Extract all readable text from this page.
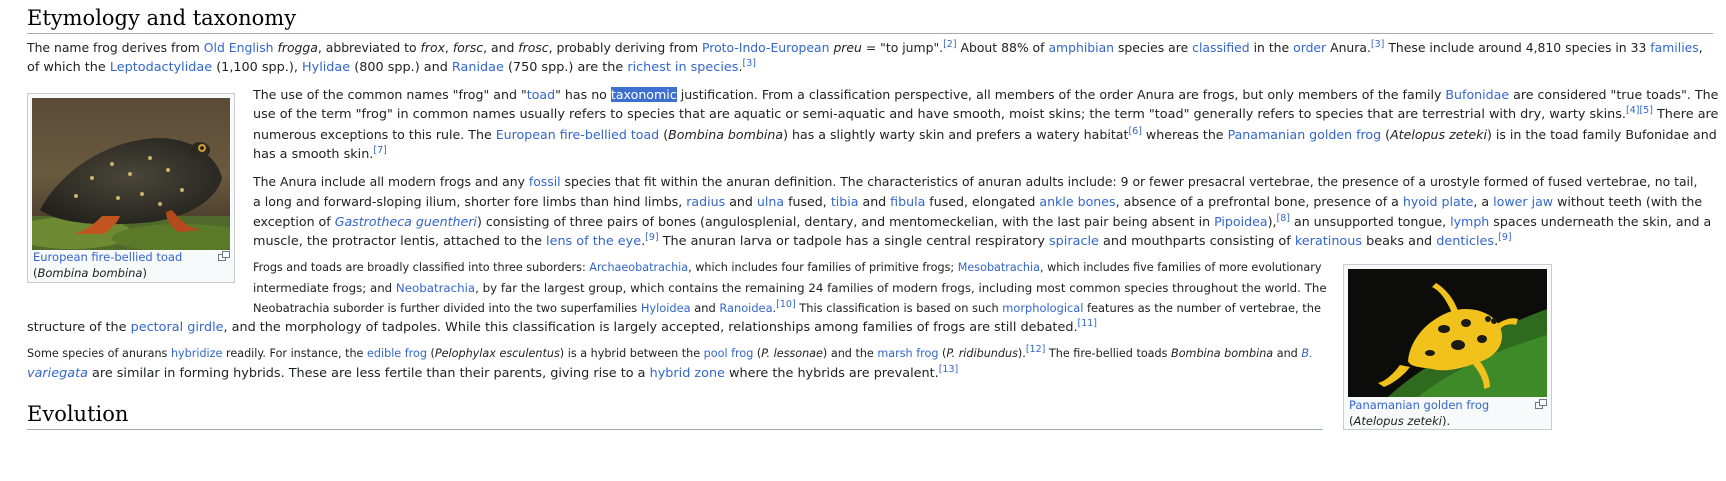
Etymology and taxonomy
The name frog derives from Old English frogga, abbreviated to frox, forsc, and frosc, probably deriving from Proto-Indo-European preu = "to jump".[2] About 88% of amphibian species are classified in the order Anura.[3] These include around 4,810 species in 33 families,
of which the Leptodactylidae (1,100 spp.), Hylidae (800 spp.) and Ranidae (750 spp.) are the richest in species.[3]
European fire-bellied toad
(Bombina bombina)
The use of the common names "frog" and "toad" has no taxonomic justification. From a classification perspective, all members of the order Anura are frogs, but only members of the family Bufonidae are considered "true toads". The
use of the term "frog" in common names usually refers to species that are aquatic or semi-aquatic and have smooth, moist skins; the term "toad" generally refers to species that are terrestrial with dry, warty skins.[4][5] There are
numerous exceptions to this rule. The European fire-bellied toad (Bombina bombina) has a slightly warty skin and prefers a watery habitat[6] whereas the Panamanian golden frog (Atelopus zeteki) is in the toad family Bufonidae and
has a smooth skin.[7]
The Anura include all modern frogs and any fossil species that fit within the anuran definition. The characteristics of anuran adults include: 9 or fewer presacral vertebrae, the presence of a urostyle formed of fused vertebrae, no tail,
a long and forward-sloping ilium, shorter fore limbs than hind limbs, radius and ulna fused, tibia and fibula fused, elongated ankle bones, absence of a prefrontal bone, presence of a hyoid plate, a lower jaw without teeth (with the
exception of Gastrotheca guentheri) consisting of three pairs of bones (angulosplenial, dentary, and mentomeckelian, with the last pair being absent in Pipoidea),[8] an unsupported tongue, lymph spaces underneath the skin, and a
muscle, the protractor lentis, attached to the lens of the eye.[9] The anuran larva or tadpole has a single central respiratory spiracle and mouthparts consisting of keratinous beaks and denticles.[9]
Frogs and toads are broadly classified into three suborders: Archaeobatrachia, which includes four families of primitive frogs; Mesobatrachia, which includes five families of more evolutionary
intermediate frogs; and Neobatrachia, by far the largest group, which contains the remaining 24 families of modern frogs, including most common species throughout the world. The
Neobatrachia suborder is further divided into the two superfamilies Hyloidea and Ranoidea.[10] This classification is based on such morphological features as the number of vertebrae, the
structure of the pectoral girdle, and the morphology of tadpoles. While this classification is largely accepted, relationships among families of frogs are still debated.[11]
Some species of anurans hybridize readily. For instance, the edible frog (Pelophylax esculentus) is a hybrid between the pool frog (P. lessonae) and the marsh frog (P. ridibundus).[12] The fire-bellied toads Bombina bombina and B.
variegata are similar in forming hybrids. These are less fertile than their parents, giving rise to a hybrid zone where the hybrids are prevalent.[13]
Panamanian golden frog
(Atelopus zeteki).
Evolution
